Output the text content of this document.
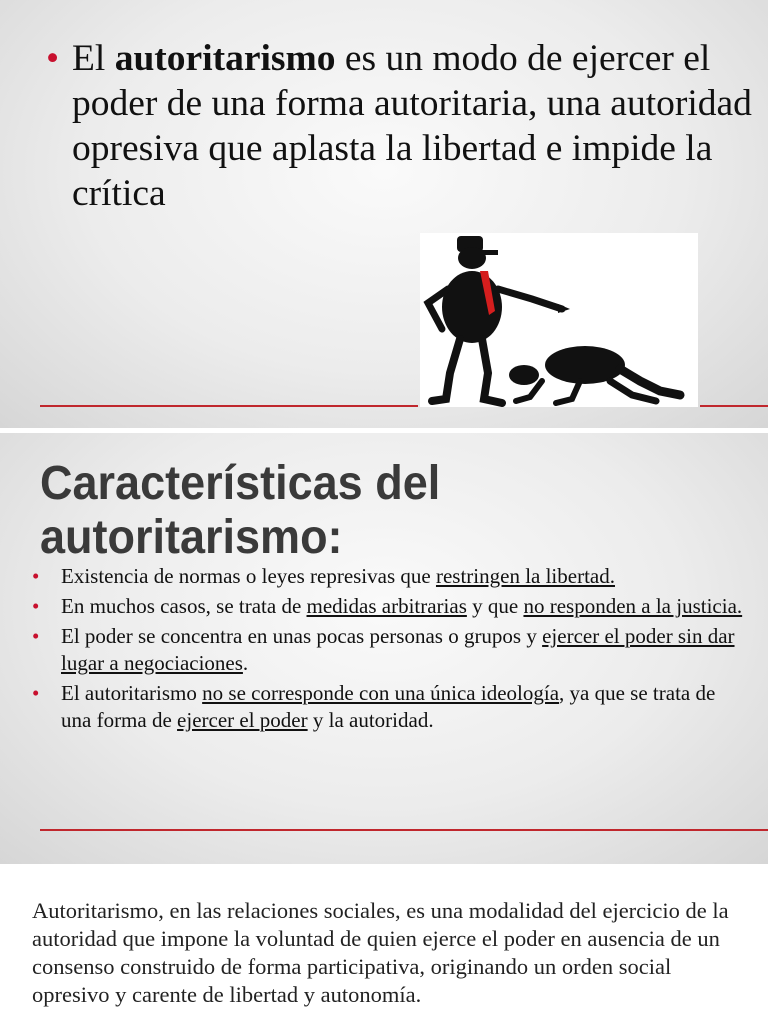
• El autoritarismo es un modo de ejercer el poder de una forma autoritaria, una autoridad opresiva que aplasta la libertad e impide la crítica
Características del autoritarismo:
• Existencia de normas o leyes represivas que restringen la libertad.
• En muchos casos, se trata de medidas arbitrarias y que no responden a la justicia.
• El poder se concentra en unas pocas personas o grupos y ejercer el poder sin dar lugar a negociaciones.
• El autoritarismo no se corresponde con una única ideología, ya que se trata de una forma de ejercer el poder y la autoridad.
Autoritarismo, en las relaciones sociales, es una modalidad del ejercicio de la autoridad que impone la voluntad de quien ejerce el poder en ausencia de un consenso construido de forma participativa, originando un orden social opresivo y carente de libertad y autonomía.
